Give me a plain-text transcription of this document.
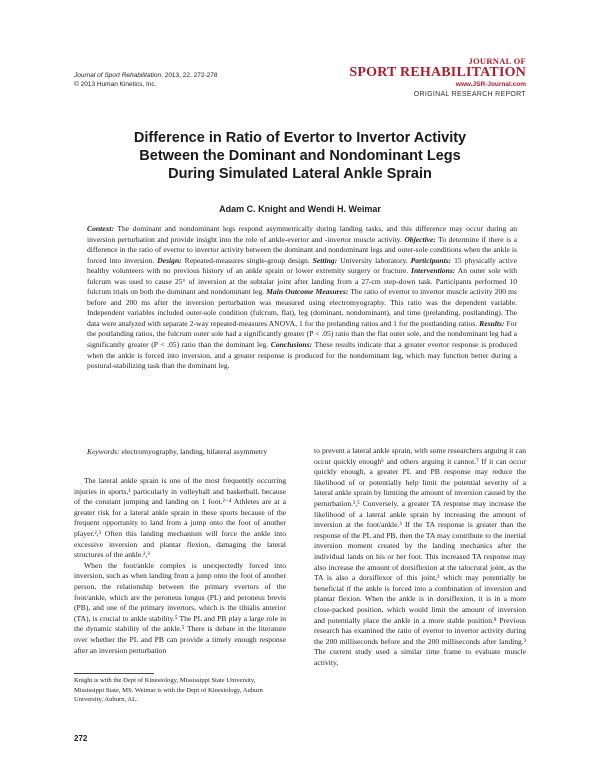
Journal of Sport Rehabilitation, 2013, 22, 272-278
© 2013 Human Kinetics, Inc.
JOURNAL OF
SPORT REHABILITATION
www.JSR-Journal.com
ORIGINAL RESEARCH REPORT
Difference in Ratio of Evertor to Invertor Activity
Between the Dominant and Nondominant Legs
During Simulated Lateral Ankle Sprain
Adam C. Knight and Wendi H. Weimar
Context: The dominant and nondominant legs respond asymmetrically during landing tasks, and this difference may occur during an inversion perturbation and provide insight into the role of ankle-evertor and -invertor muscle activity. Objective: To determine if there is a difference in the ratio of evertor to invertor activity between the dominant and nondominant legs and outer-sole conditions when the ankle is forced into inversion. Design: Repeated-measures single-group design. Setting: University laboratory. Participants: 15 physically active healthy volunteers with no previous history of an ankle sprain or lower extremity surgery or fracture. Interventions: An outer sole with fulcrum was used to cause 25° of inversion at the subtalar joint after landing from a 27-cm step-down task. Participants performed 10 fulcrum trials on both the dominant and nondominant leg. Main Outcome Measures: The ratio of evertor to invertor muscle activity 200 ms before and 200 ms after the inversion perturbation was measured using electromyography. This ratio was the dependent variable. Independent variables included outer-sole condition (fulcrum, flat), leg (dominant, nondominant), and time (prelanding, postlanding). The data were analyzed with separate 2-way repeated-measures ANOVA, 1 for the prelanding ratios and 1 for the postlanding ratios. Results: For the postlanding ratios, the fulcrum outer sole had a significantly greater (P < .05) ratio than the flat outer sole, and the nondominant leg had a significantly greater (P < .05) ratio than the dominant leg. Conclusions: These results indicate that a greater evertor response is produced when the ankle is forced into inversion, and a greater response is produced for the nondominant leg, which may function better during a postural-stabilizing task than the dominant leg.
Keywords: electromyography, landing, bilateral asymmetry

The lateral ankle sprain is one of the most frequently occurring injuries in sports,¹ particularly in volleyball and basketball, because of the constant jumping and landing on 1 foot.²⁻⁴ Athletes are at a greater risk for a lateral ankle sprain in these sports because of the frequent opportunity to land from a jump onto the foot of another player.²,³ Often this landing mechanism will force the ankle into excessive inversion and plantar flexion, damaging the lateral structures of the ankle.²,³

When the foot/ankle complex is unexpectedly forced into inversion, such as when landing from a jump onto the foot of another person, the relationship between the primary evertors of the foot/ankle, which are the peroneus longus (PL) and peroneus brevis (PB), and one of the primary invertors, which is the tibialis anterior (TA), is crucial to ankle stability.⁵ The PL and PB play a large role in the dynamic stability of the ankle.⁵ There is debate in the literature over whether the PL and PB can provide a timely enough response after an inversion perturbation

to prevent a lateral ankle sprain, with some researchers arguing it can occur quickly enough⁶ and others arguing it cannot.⁷ If it can occur quickly enough, a greater PL and PB response may reduce the likelihood of or potentially help limit the potential severity of a lateral ankle sprain by limiting the amount of inversion caused by the perturbation.³,⁵ Conversely, a greater TA response may increase the likelihood of a lateral ankle sprain by increasing the amount of inversion at the foot/ankle.³ If the TA response is greater than the response of the PL and PB, then the TA may contribute to the inertial inversion moment created by the landing mechanics after the individual lands on his or her foot. This increased TA response may also increase the amount of dorsiflexion at the talocrural joint, as the TA is also a dorsiflexor of this joint,³ which may potentially be beneficial if the ankle is forced into a combination of inversion and plantar flexion. When the ankle is in dorsiflexion, it is in a more close-packed position, which would limit the amount of inversion and potentially place the ankle in a more stable position.⁸ Previous research has examined the ratio of evertor to invertor activity during the 200 milliseconds before and the 200 milliseconds after landing.³ The current study used a similar time frame to evaluate muscle activity,

Knight is with the Dept of Kinesiology, Mississippi State University, Mississippi State, MS. Weimar is with the Dept of Kinesiology, Auburn University, Auburn, AL.
272
